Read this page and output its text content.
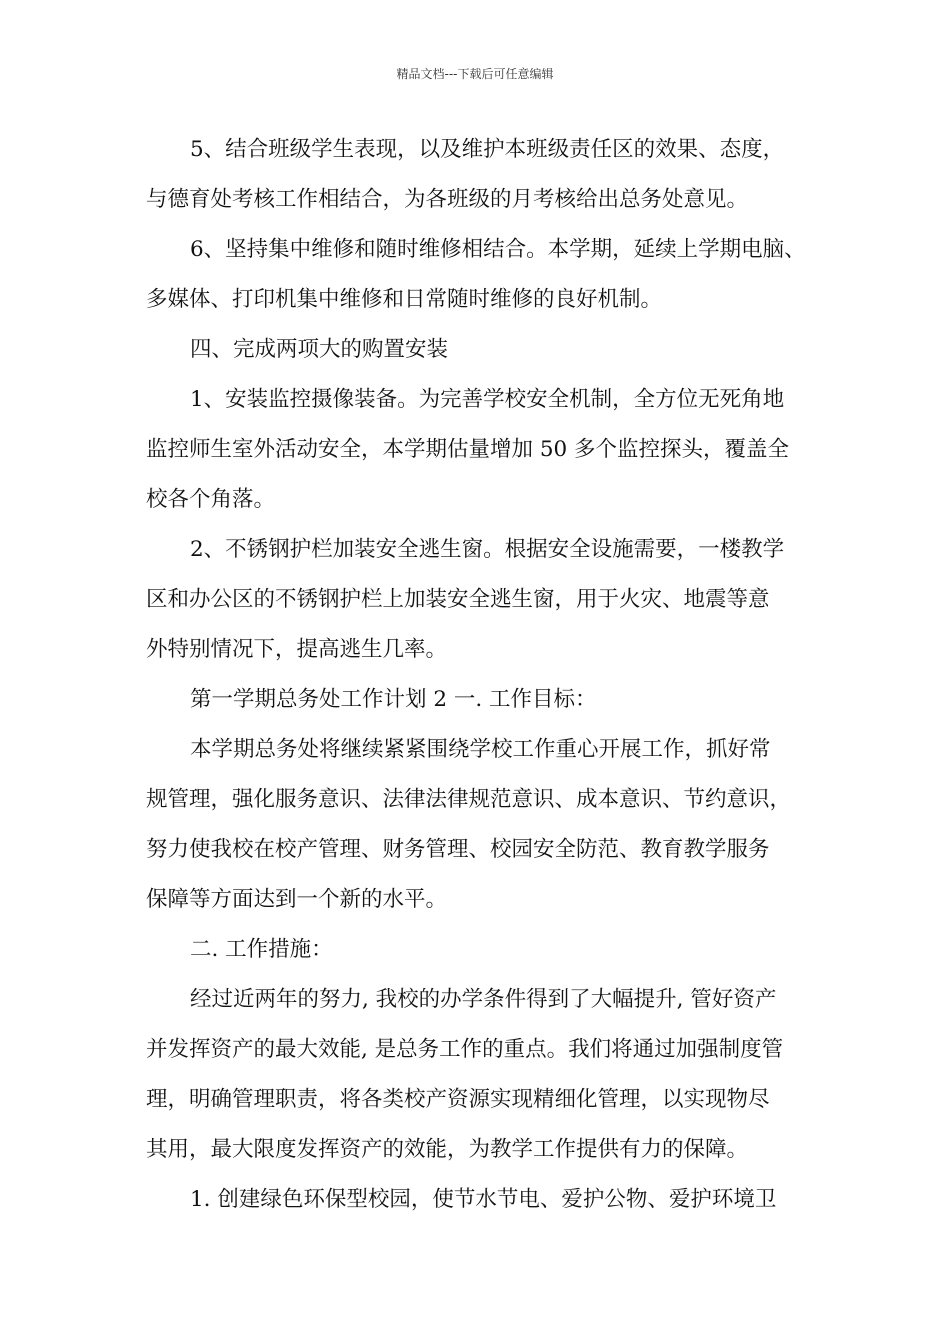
精品文档---下载后可任意编辑
5、结合班级学生表现，以及维护本班级责任区的效果、态度，
与德育处考核工作相结合，为各班级的月考核给出总务处意见。
6、坚持集中维修和随时维修相结合。本学期，延续上学期电脑、
多媒体、打印机集中维修和日常随时维修的良好机制。
四、完成两项大的购置安装
1、安装监控摄像装备。为完善学校安全机制，全方位无死角地
监控师生室外活动安全，本学期估量增加 50 多个监控探头，覆盖全
校各个角落。
2、不锈钢护栏加装安全逃生窗。根据安全设施需要，一楼教学
区和办公区的不锈钢护栏上加装安全逃生窗，用于火灾、地震等意
外特别情况下，提高逃生几率。
第一学期总务处工作计划 2 一. 工作目标：
本学期总务处将继续紧紧围绕学校工作重心开展工作，抓好常
规管理，强化服务意识、法律法律规范意识、成本意识、节约意识，
努力使我校在校产管理、财务管理、校园安全防范、教育教学服务
保障等方面达到一个新的水平。
二. 工作措施：
经过近两年的努力, 我校的办学条件得到了大幅提升, 管好资产
并发挥资产的最大效能, 是总务工作的重点。我们将通过加强制度管
理，明确管理职责，将各类校产资源实现精细化管理，以实现物尽
其用，最大限度发挥资产的效能，为教学工作提供有力的保障。
1. 创建绿色环保型校园，使节水节电、爱护公物、爱护环境卫
